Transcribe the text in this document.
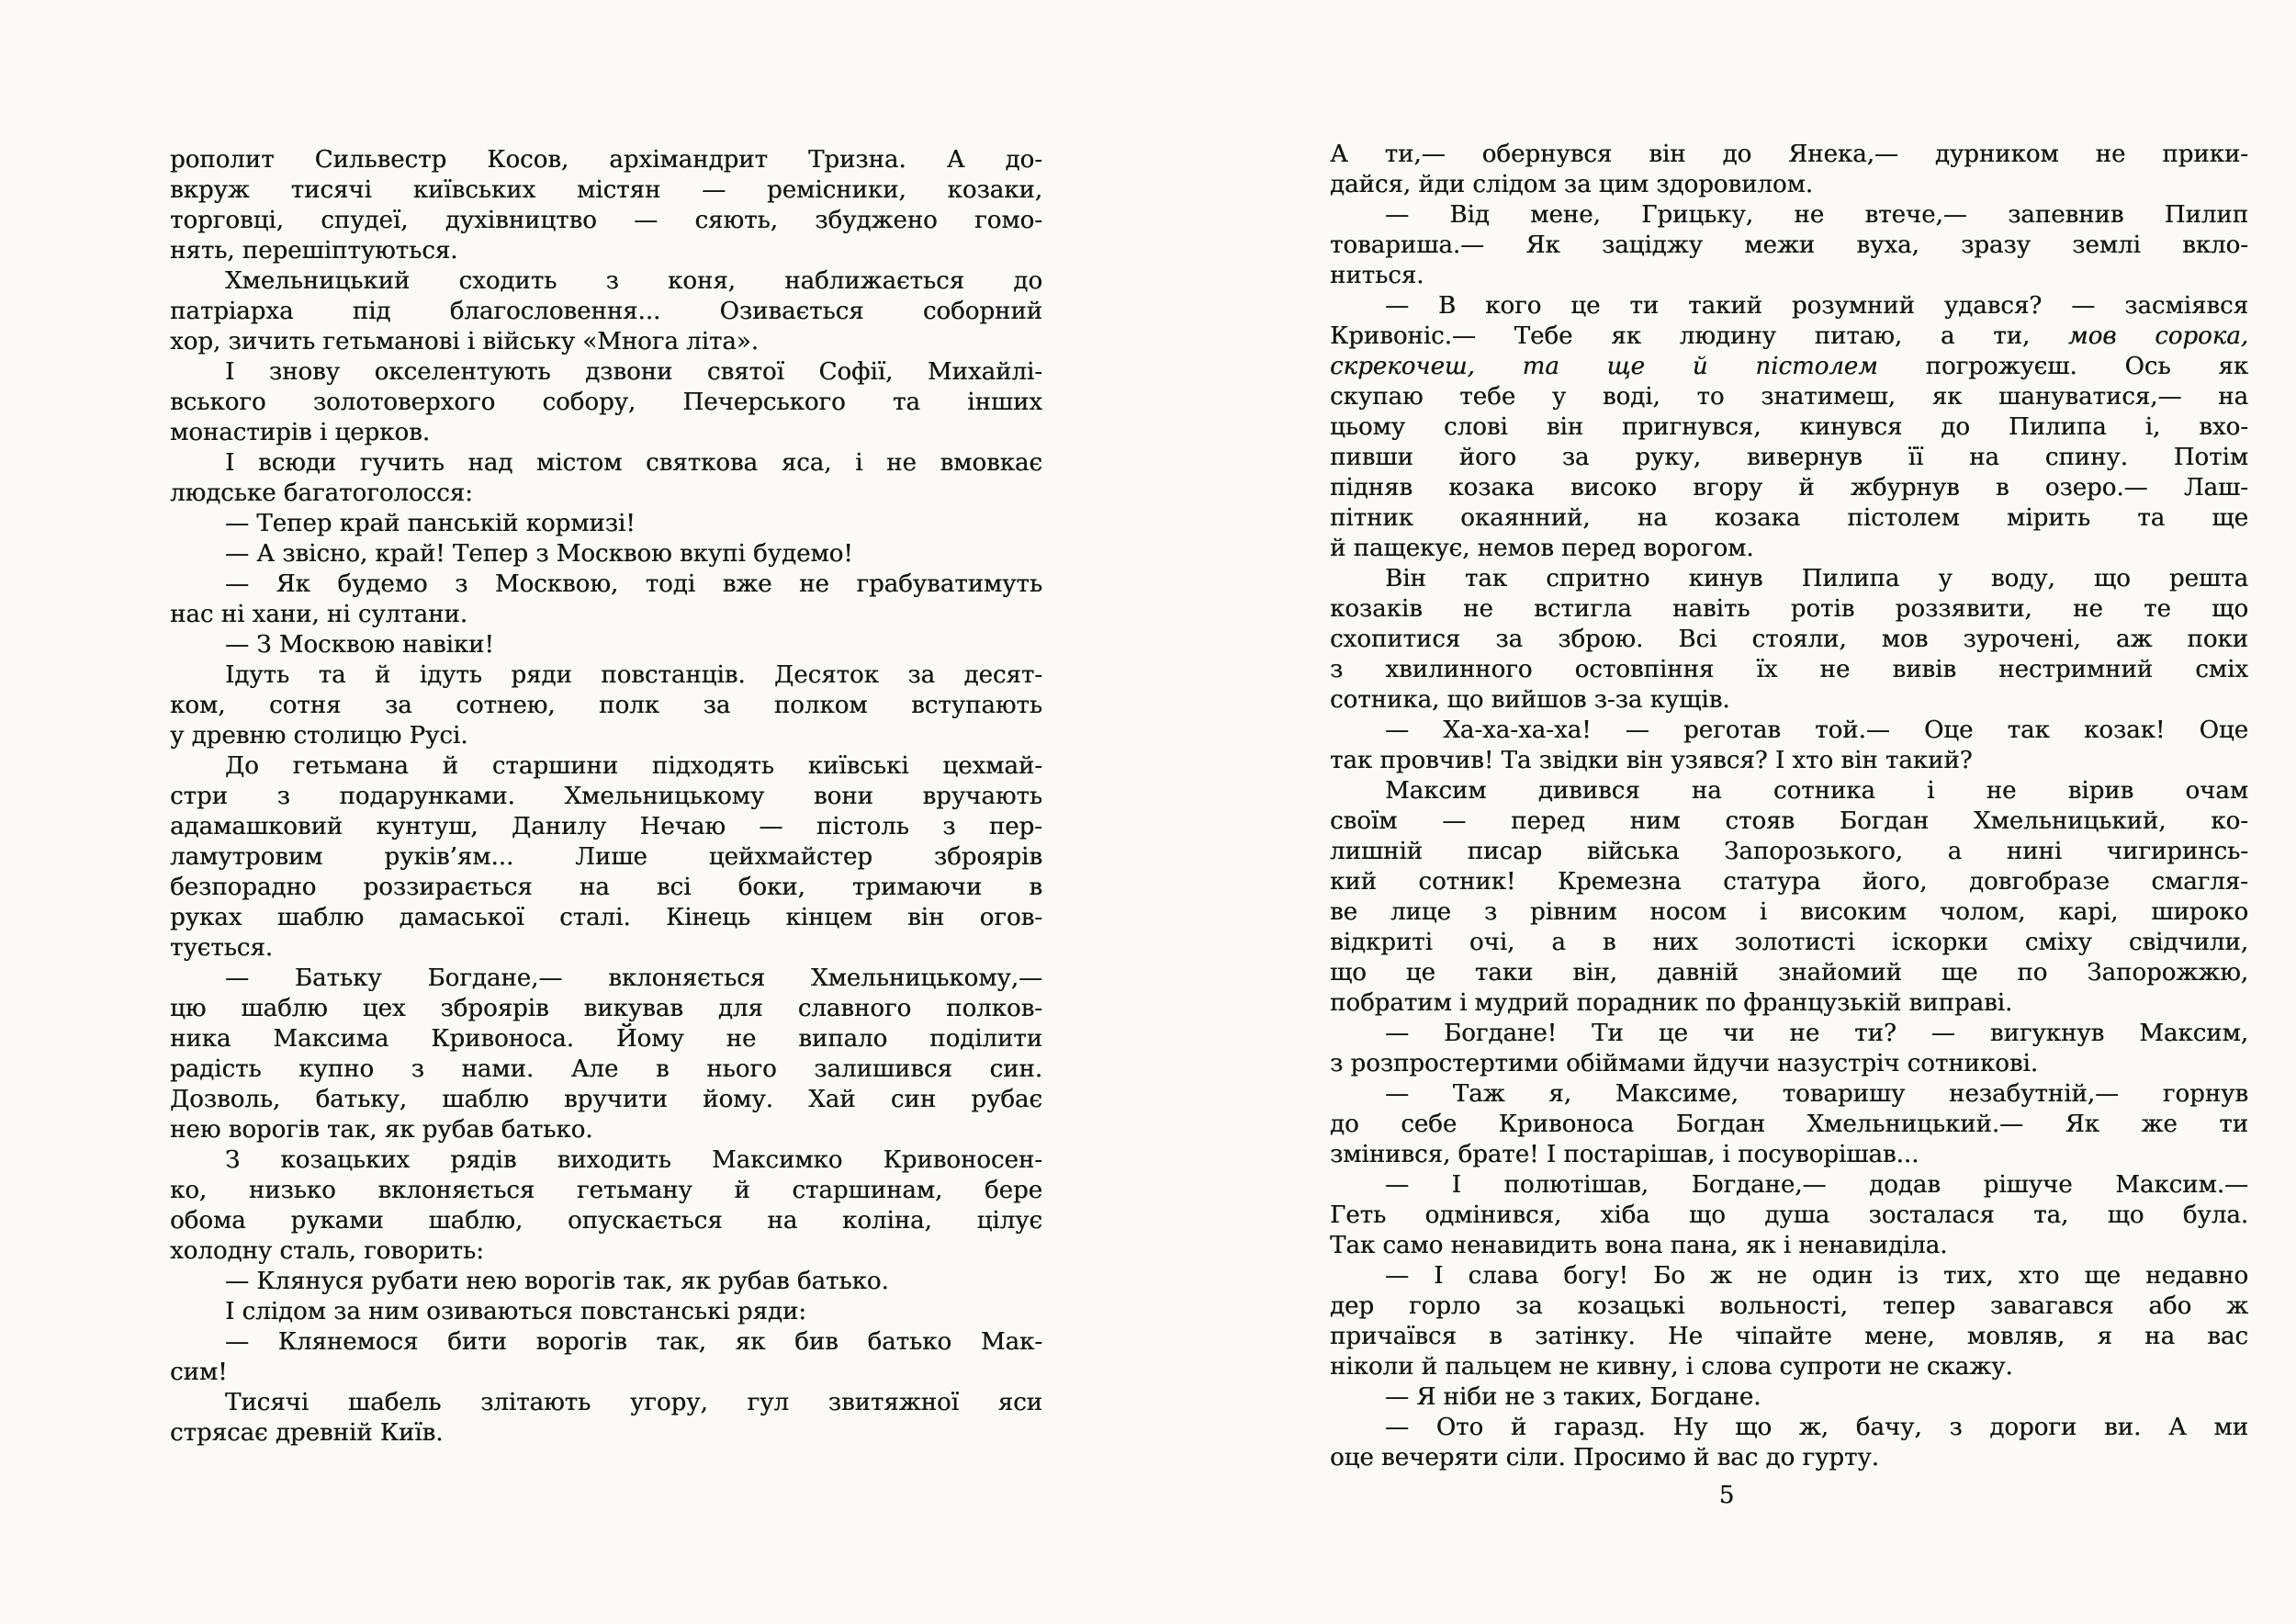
рополит Сильвестр Косов, архімандрит Тризна. А до-
вкруж тисячі київських містян — ремісники, козаки,
торговці, спудеї, духівництво — сяють, збуджено гомо-
нять, перешіптуються.
Хмельницький сходить з коня, наближається до
патріарха під благословення... Озивається соборний
хор, зичить гетьманові і війську «Многа літа».
І знову окселентують дзвони святої Софії, Михайлі-
вського золотоверхого собору, Печерського та інших
монастирів і церков.
І всюди гучить над містом святкова яса, і не вмовкає
людське багатоголосся:
— Тепер край панській кормизі!
— А звісно, край! Тепер з Москвою вкупі будемо!
— Як будемо з Москвою, тоді вже не грабуватимуть
нас ні хани, ні султани.
— З Москвою навіки!
Ідуть та й ідуть ряди повстанців. Десяток за десят-
ком, сотня за сотнею, полк за полком вступають
у древню столицю Русі.
До гетьмана й старшини підходять київські цехмай-
стри з подарунками. Хмельницькому вони вручають
адамашковий кунтуш, Данилу Нечаю — пістоль з пер-
ламутровим руків’ям... Лише цейхмайстер зброярів
безпорадно роззирається на всі боки, тримаючи в
руках шаблю дамаської сталі. Кінець кінцем він огов-
тується.
— Батьку Богдане,— вклоняється Хмельницькому,—
цю шаблю цех зброярів викував для славного полков-
ника Максима Кривоноса. Йому не випало поділити
радість купно з нами. Але в нього залишився син.
Дозволь, батьку, шаблю вручити йому. Хай син рубає
нею ворогів так, як рубав батько.
З козацьких рядів виходить Максимко Кривоносен-
ко, низько вклоняється гетьману й старшинам, бере
обома руками шаблю, опускається на коліна, цілує
холодну сталь, говорить:
— Клянуся рубати нею ворогів так, як рубав батько.
І слідом за ним озиваються повстанські ряди:
— Клянемося бити ворогів так, як бив батько Мак-
сим!
Тисячі шабель злітають угору, гул звитяжної яси
стрясає древній Київ.
А ти,— обернувся він до Янека,— дурником не прики-
дайся, йди слідом за цим здоровилом.
— Від мене, Грицьку, не втече,— запевнив Пилип
товариша.— Як заціджу межи вуха, зразу землі вкло-
ниться.
— В кого це ти такий розумний удався? — засміявся
Кривоніс.— Тебе як людину питаю, а ти, мов сорока,
скрекочеш, та ще й пістолем погрожуєш. Ось як
скупаю тебе у воді, то знатимеш, як шануватися,— на
цьому слові він пригнувся, кинувся до Пилипа і, вхо-
пивши його за руку, вивернув її на спину. Потім
підняв козака високо вгору й жбурнув в озеро.— Лаш-
пітник окаянний, на козака пістолем мірить та ще
й пащекує, немов перед ворогом.
Він так спритно кинув Пилипа у воду, що решта
козаків не встигла навіть ротів роззявити, не те що
схопитися за зброю. Всі стояли, мов зурочені, аж поки
з хвилинного остовпіння їх не вивів нестримний сміх
сотника, що вийшов з-за кущів.
— Ха-ха-ха-ха! — реготав той.— Оце так козак! Оце
так провчив! Та звідки він узявся? І хто він такий?
Максим дивився на сотника і не вірив очам
своїм — перед ним стояв Богдан Хмельницький, ко-
лишній писар війська Запорозького, а нині чигиринсь-
кий сотник! Кремезна статура його, довгобразе смагля-
ве лице з рівним носом і високим чолом, карі, широко
відкриті очі, а в них золотисті іскорки сміху свідчили,
що це таки він, давній знайомий ще по Запорожжю,
побратим і мудрий порадник по французькій виправі.
— Богдане! Ти це чи не ти? — вигукнув Максим,
з розпростертими обіймами йдучи назустріч сотникові.
— Таж я, Максиме, товаришу незабутній,— горнув
до себе Кривоноса Богдан Хмельницький.— Як же ти
змінився, брате! І постарішав, і посуворішав...
— І полютішав, Богдане,— додав рішуче Максим.—
Геть одмінився, хіба що душа зосталася та, що була.
Так само ненавидить вона пана, як і ненавиділа.
— І слава богу! Бо ж не один із тих, хто ще недавно
дер горло за козацькі вольності, тепер завагався або ж
причаївся в затінку. Не чіпайте мене, мовляв, я на вас
ніколи й пальцем не кивну, і слова супроти не скажу.
— Я ніби не з таких, Богдане.
— Ото й гаразд. Ну що ж, бачу, з дороги ви. А ми
оце вечеряти сіли. Просимо й вас до гурту.
5
